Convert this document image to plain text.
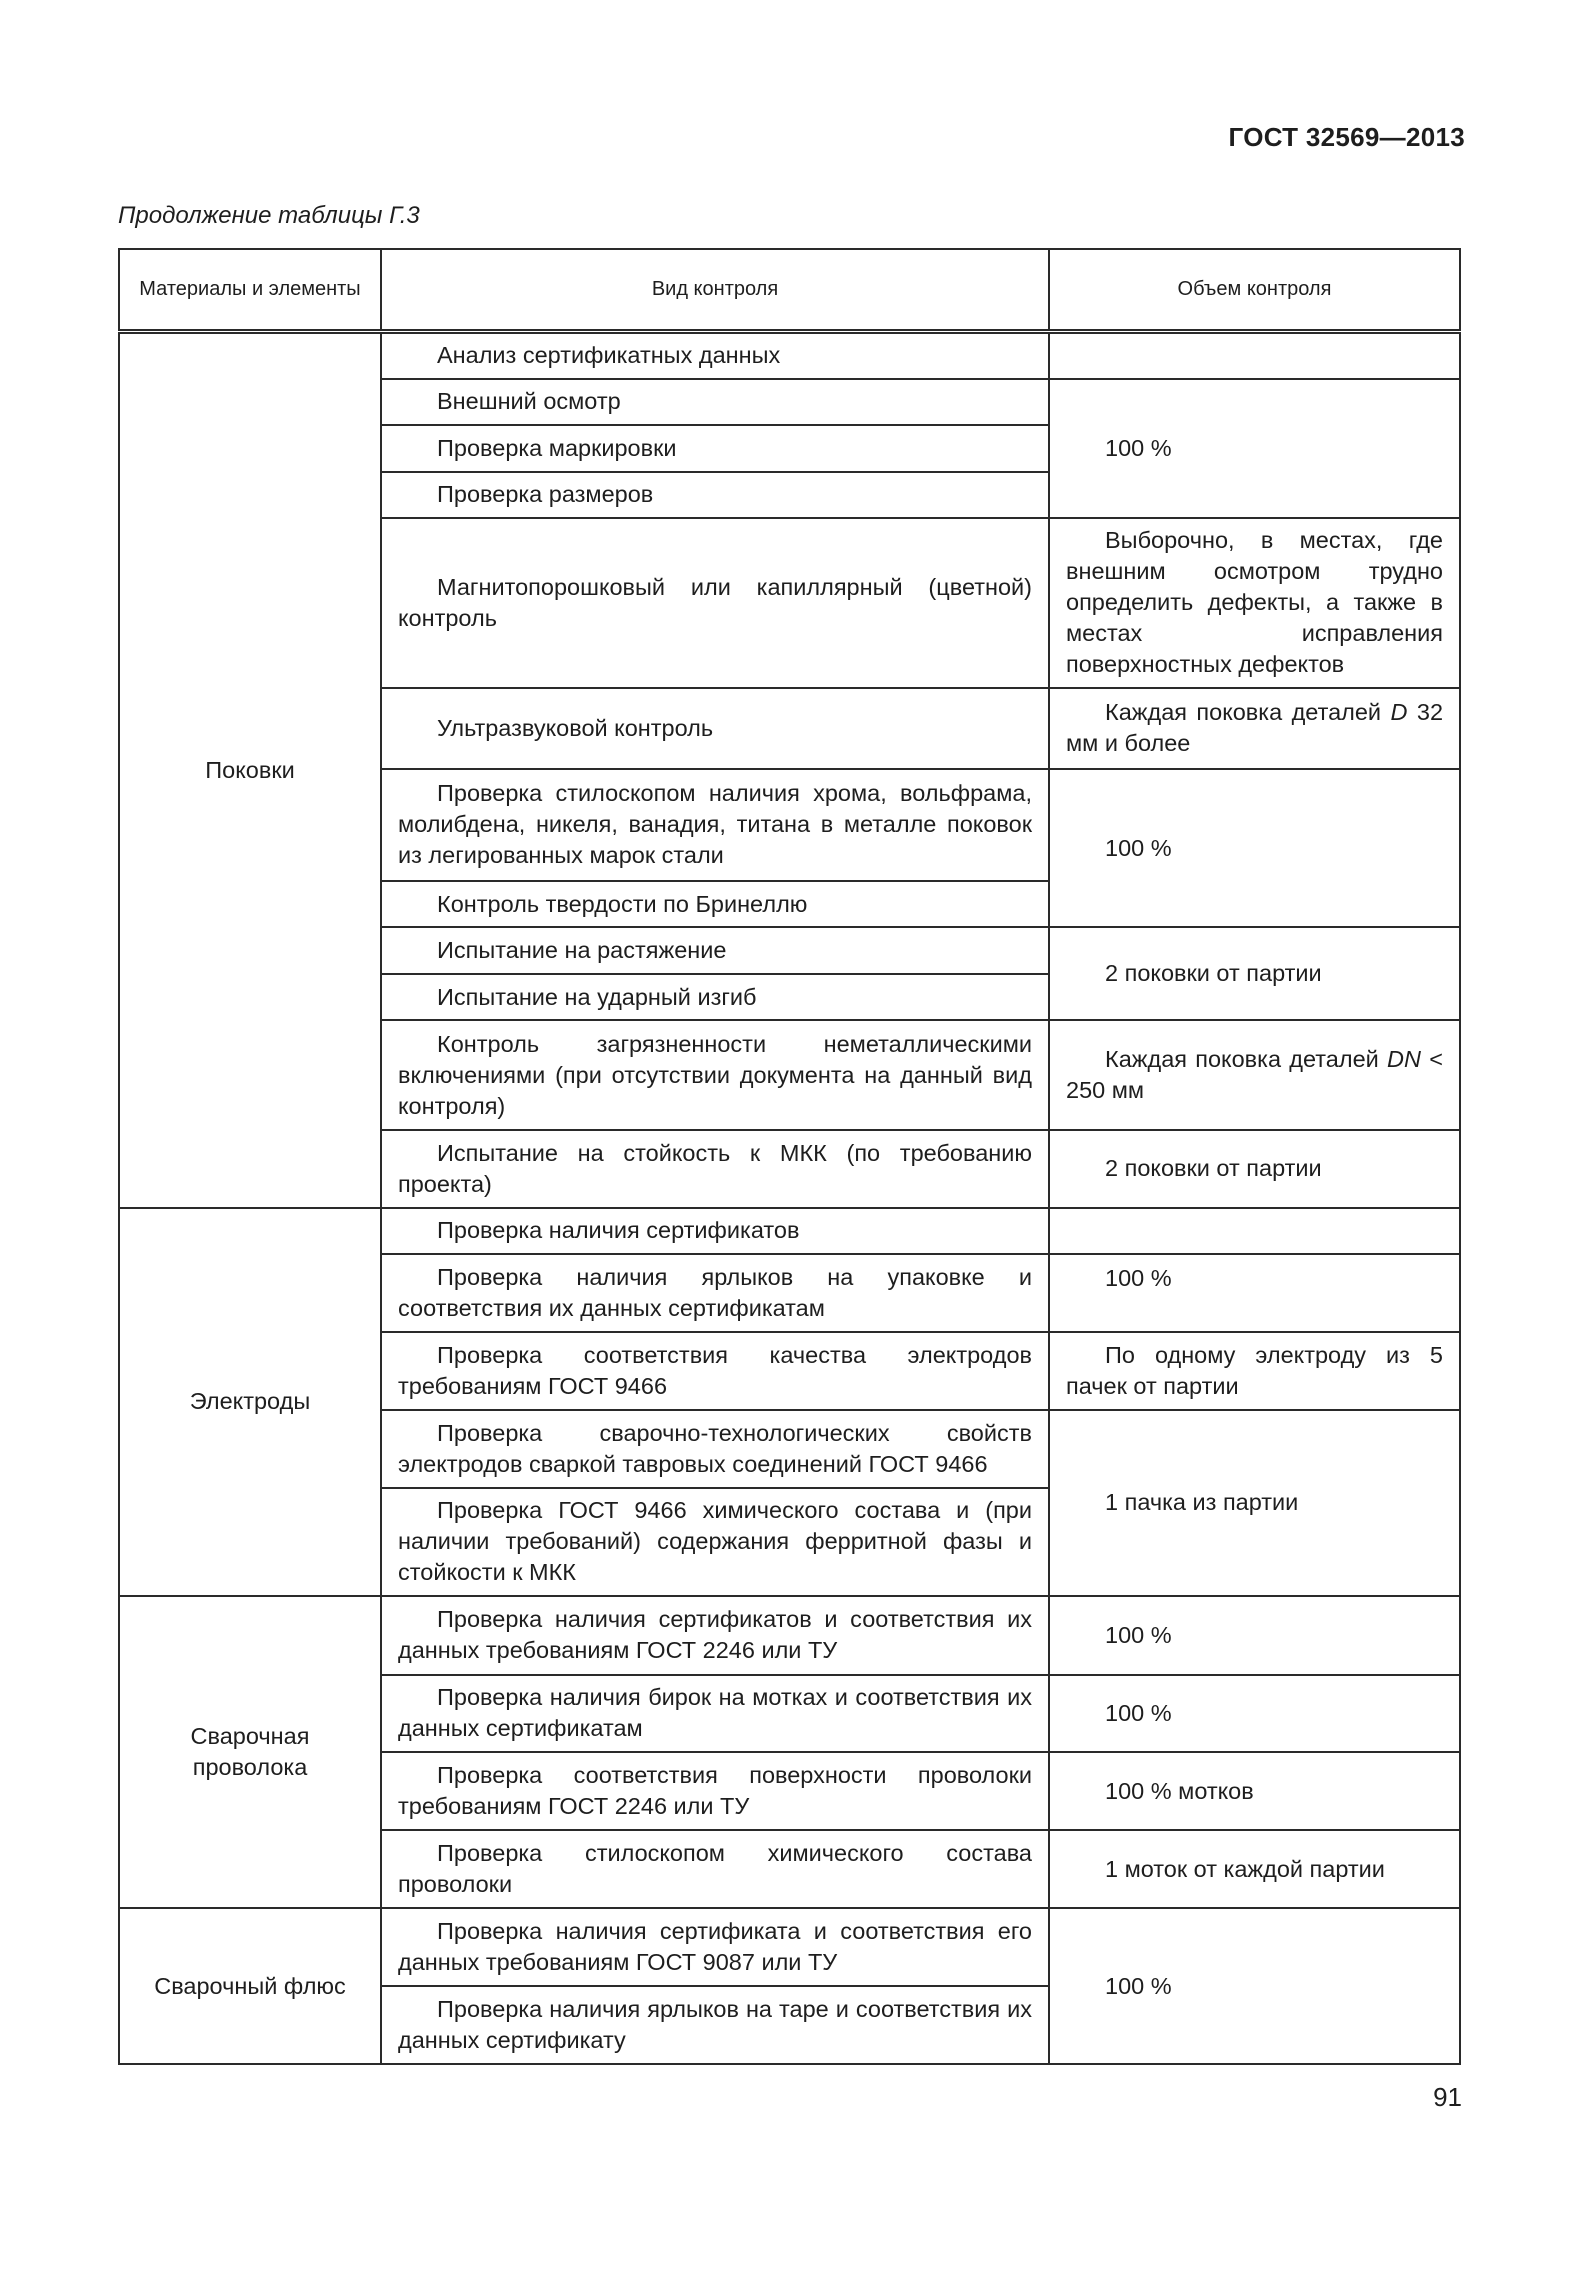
ГОСТ 32569—2013
Продолжение таблицы Г.3
Материалы и элементы	Вид контроля	Объем контроля
Поковки	Анализ сертификатных данных	
	Внешний осмотр	100 %
	Проверка маркировки	
	Проверка размеров	
	Магнитопорошковый или капиллярный (цветной) контроль	Выборочно, в местах, где внешним осмотром трудно определить дефекты, а также в местах исправления поверхностных дефектов
	Ультразвуковой контроль	Каждая поковка деталей D 32 мм и более
	Проверка стилоскопом наличия хрома, вольфрама, молибдена, никеля, ванадия, титана в металле поковок из легированных марок стали	100 %
	Контроль твердости по Бринеллю	
	Испытание на растяжение	2 поковки от партии
	Испытание на ударный изгиб	
	Контроль загрязненности неметаллическими включениями (при отсутствии документа на данный вид контроля)	Каждая поковка деталей DN < 250 мм
	Испытание на стойкость к МКК (по требованию проекта)	2 поковки от партии
Электроды	Проверка наличия сертификатов	
	Проверка наличия ярлыков на упаковке и соответствия их данных сертификатам	100 %
	Проверка соответствия качества электродов требованиям ГОСТ 9466	По одному электроду из 5 пачек от партии
	Проверка сварочно-технологических свойств электродов сваркой тавровых соединений ГОСТ 9466	1 пачка из партии
	Проверка ГОСТ 9466 химического состава и (при наличии требований) содержания ферритной фазы и стойкости к МКК	
Сварочная проволока	Проверка наличия сертификатов и соответствия их данных требованиям ГОСТ 2246 или ТУ	100 %
	Проверка наличия бирок на мотках и соответствия их данных сертификатам	100 %
	Проверка соответствия поверхности проволоки требованиям ГОСТ 2246 или ТУ	100 % мотков
	Проверка стилоскопом химического состава проволоки	1 моток от каждой партии
Сварочный флюс	Проверка наличия сертификата и соответствия его данных требованиям ГОСТ 9087 или ТУ	100 %
	Проверка наличия ярлыков на таре и соответствия их данных сертификату	
91
